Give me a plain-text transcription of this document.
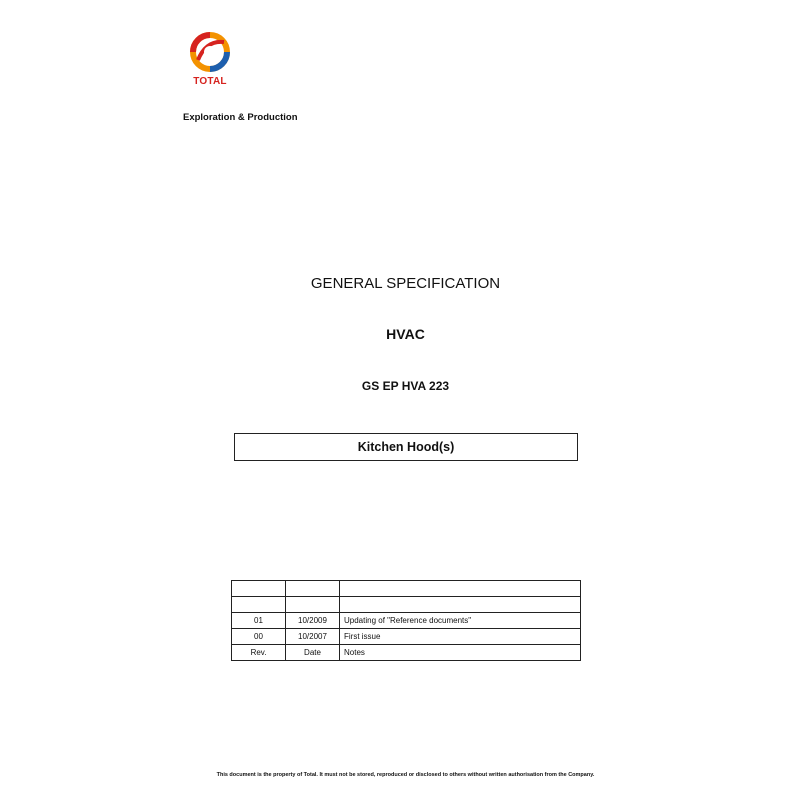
TOTAL
Exploration & Production
GENERAL SPECIFICATION
HVAC
GS EP HVA 223
Kitchen Hood(s)

01	10/2009	Updating of "Reference documents"
00	10/2007	First issue
Rev.	Date	Notes
This document is the property of Total. It must not be stored, reproduced or disclosed to others without written authorisation from the Company.
